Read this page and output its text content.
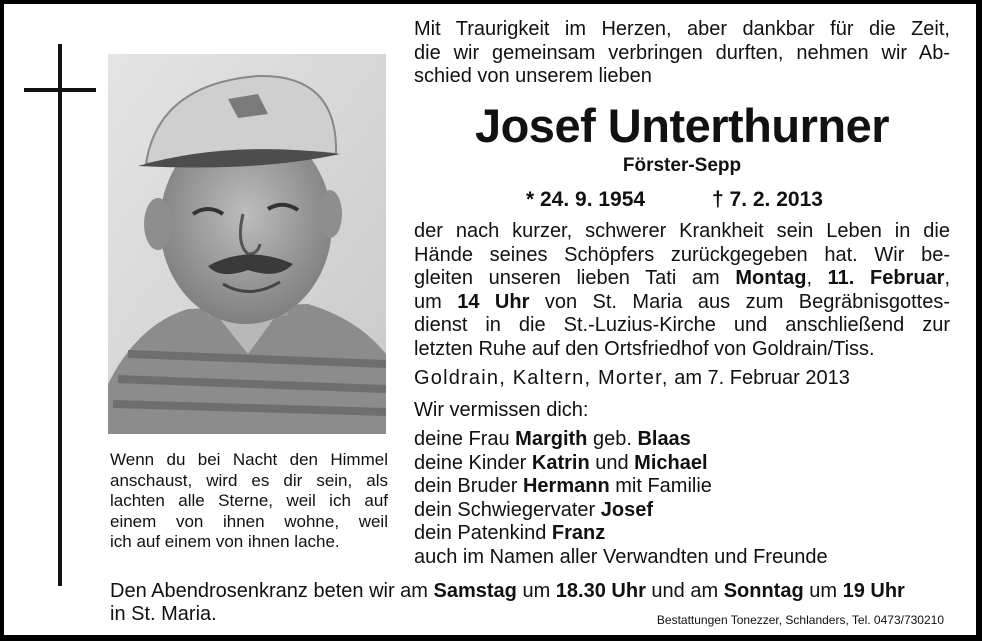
Wenn du bei Nacht den Himmel
anschaust, wird es dir sein, als
lachten alle Sterne, weil ich auf
einem von ihnen wohne, weil
ich auf einem von ihnen lache.
Mit Traurigkeit im Herzen, aber dankbar für die Zeit,
die wir gemeinsam verbringen durften, nehmen wir Ab-
schied von unserem lieben
Josef Unterthurner
Förster-Sepp
* 24. 9. 1954	† 7. 2. 2013
der nach kurzer, schwerer Krankheit sein Leben in die
Hände seines Schöpfers zurückgegeben hat. Wir be-
gleiten unseren lieben Tati am Montag, 11. Februar,
um 14 Uhr von St. Maria aus zum Begräbnisgottes-
dienst in die St.-Luzius-Kirche und anschließend zur
letzten Ruhe auf den Ortsfriedhof von Goldrain/Tiss.
Goldrain, Kaltern, Morter, am 7. Februar 2013
Wir vermissen dich:
deine Frau Margith geb. Blaas
deine Kinder Katrin und Michael
dein Bruder Hermann mit Familie
dein Schwiegervater Josef
dein Patenkind Franz
auch im Namen aller Verwandten und Freunde
Den Abendrosenkranz beten wir am Samstag um 18.30 Uhr und am Sonntag um 19 Uhr
in St. Maria.	Bestattungen Tonezzer, Schlanders, Tel. 0473/730210
